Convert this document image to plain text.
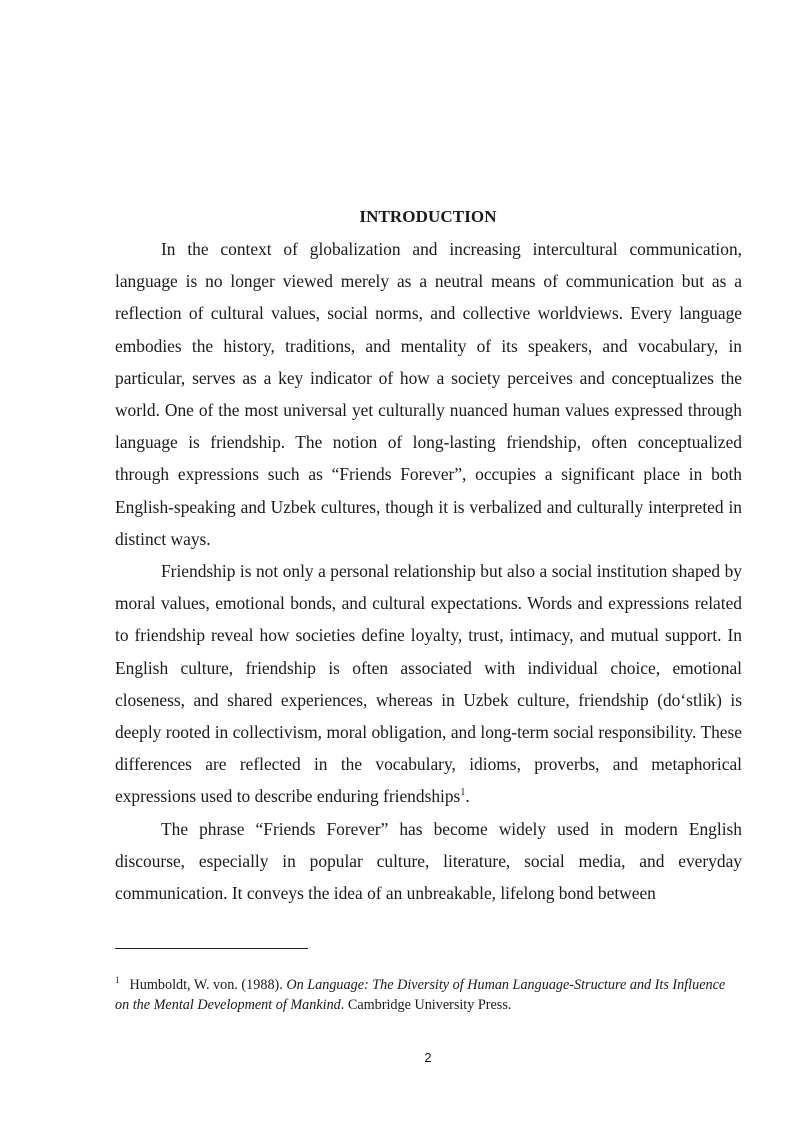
INTRODUCTION

In the context of globalization and increasing intercultural communication, language is no longer viewed merely as a neutral means of communication but as a reflection of cultural values, social norms, and collective worldviews. Every language embodies the history, traditions, and mentality of its speakers, and vocabulary, in particular, serves as a key indicator of how a society perceives and conceptualizes the world. One of the most universal yet culturally nuanced human values expressed through language is friendship. The notion of long-lasting friendship, often conceptualized through expressions such as “Friends Forever”, occupies a significant place in both English-speaking and Uzbek cultures, though it is verbalized and culturally interpreted in distinct ways.

Friendship is not only a personal relationship but also a social institution shaped by moral values, emotional bonds, and cultural expectations. Words and expressions related to friendship reveal how societies define loyalty, trust, intimacy, and mutual support. In English culture, friendship is often associated with individual choice, emotional closeness, and shared experiences, whereas in Uzbek culture, friendship (do‘stlik) is deeply rooted in collectivism, moral obligation, and long-term social responsibility. These differences are reflected in the vocabulary, idioms, proverbs, and metaphorical expressions used to describe enduring friendships$^1$.

The phrase “Friends Forever” has become widely used in modern English discourse, especially in popular culture, literature, social media, and everyday communication. It conveys the idea of an unbreakable, lifelong bond between

$^1$ Humboldt, W. von. (1988). On Language: The Diversity of Human Language-Structure and Its Influence on the Mental Development of Mankind. Cambridge University Press.
2
